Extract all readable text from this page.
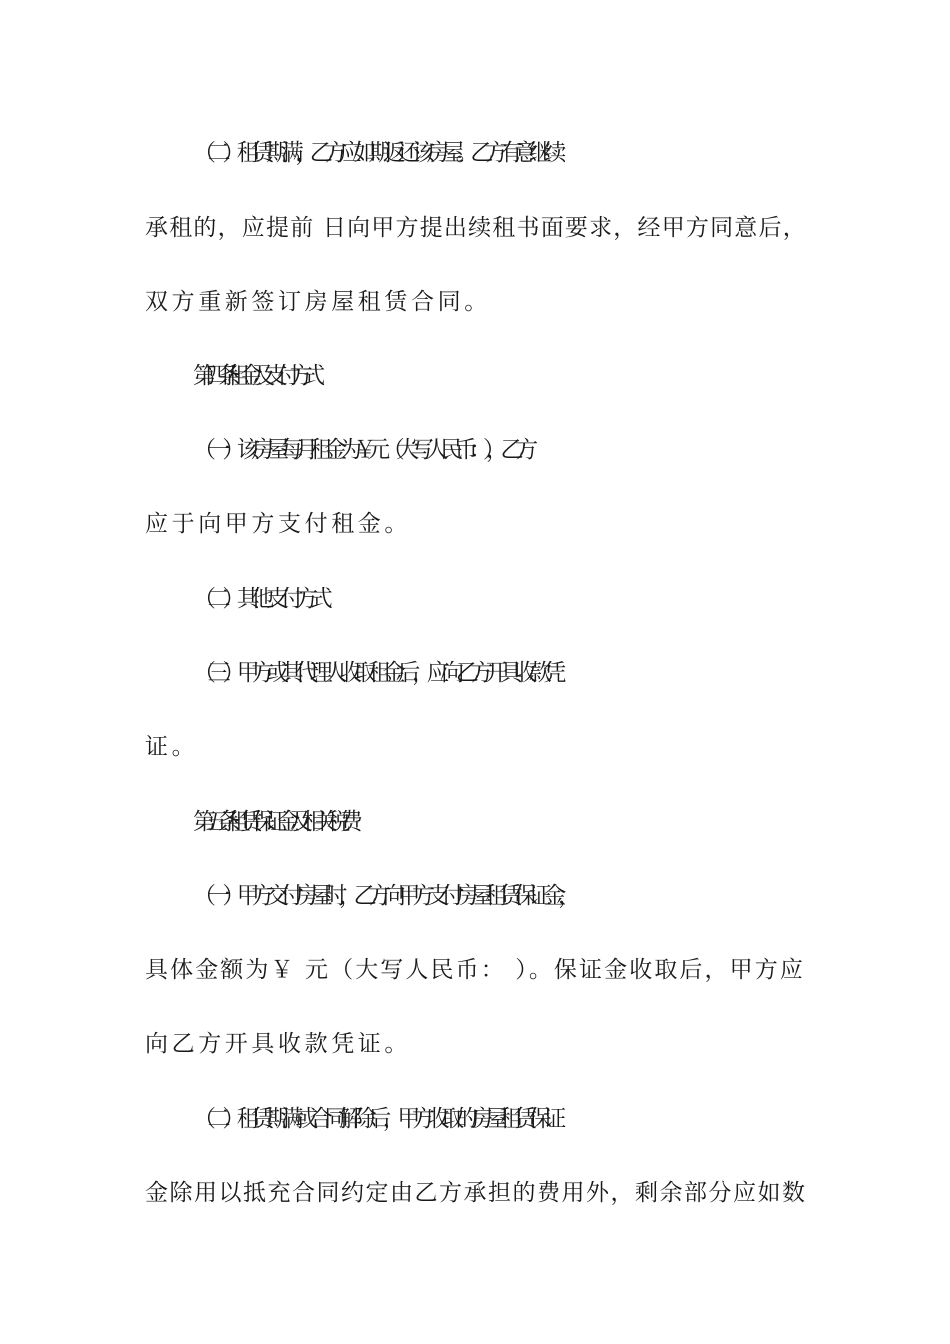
（二）租赁期满，乙方应如期返还该房屋。乙方有意继续
承租的，应提前 日向甲方提出续租书面要求，经甲方同意后，
双方重新签订房屋租赁合同。
第四条 租金及支付方式
（一）该房屋每月租金为￥ 元（大写人民币： ），乙方
应于向甲方支付租金。
（二）其他支付方式
（三）甲方或其代理人收取租金后，应向乙方开具收款凭
证。
第五条 租赁保证金及相关税费
（一）甲方交付房屋时，乙方向甲方支付房屋租赁保证金，
具体金额为￥ 元（大写人民币： ）。保证金收取后，甲方应
向乙方开具收款凭证。
（二）租赁期满或合同解除后，甲方收取的房屋租赁保证
金除用以抵充合同约定由乙方承担的费用外，剩余部分应如数
